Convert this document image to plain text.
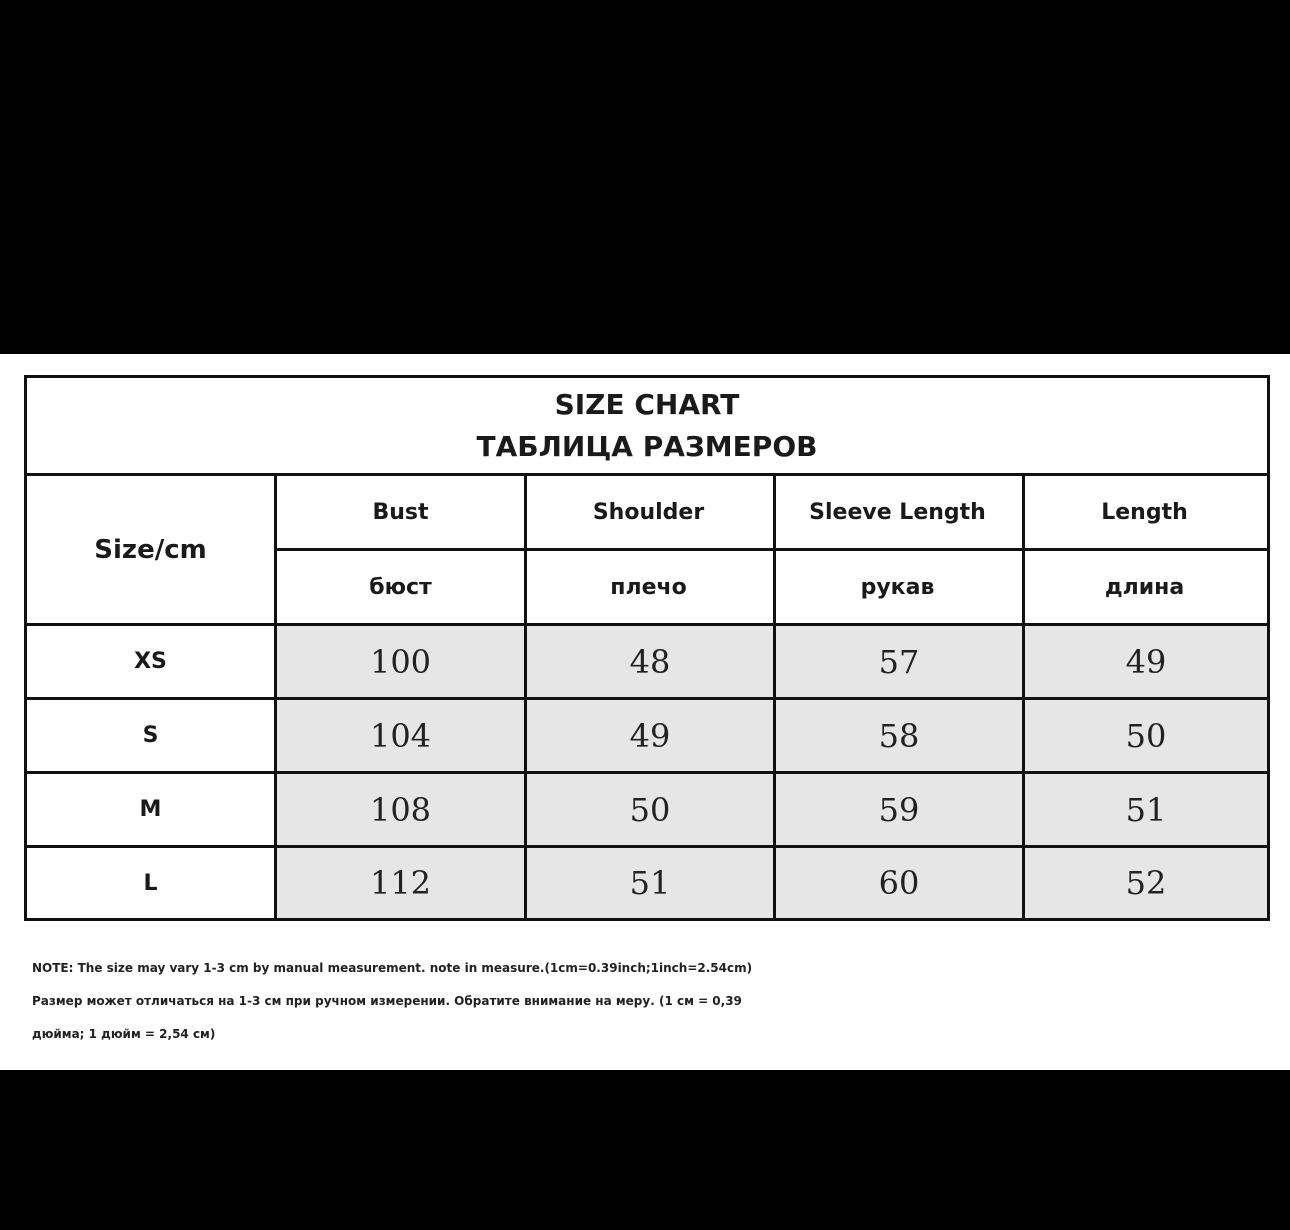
SIZE CHART
ТАБЛИЦА РАЗМЕРОВ
Size/cm
Bust	Shoulder	Sleeve Length	Length
бюст	плечо	рукав	длина
XS	100	48	57	49
S	104	49	58	50
M	108	50	59	51
L	112	51	60	52
NOTE: The size may vary 1-3 cm by manual measurement. note in measure.(1cm=0.39inch;1inch=2.54cm)
Размер может отличаться на 1-3 см при ручном измерении. Обратите внимание на меру. (1 см = 0,39
дюйма; 1 дюйм = 2,54 см)
